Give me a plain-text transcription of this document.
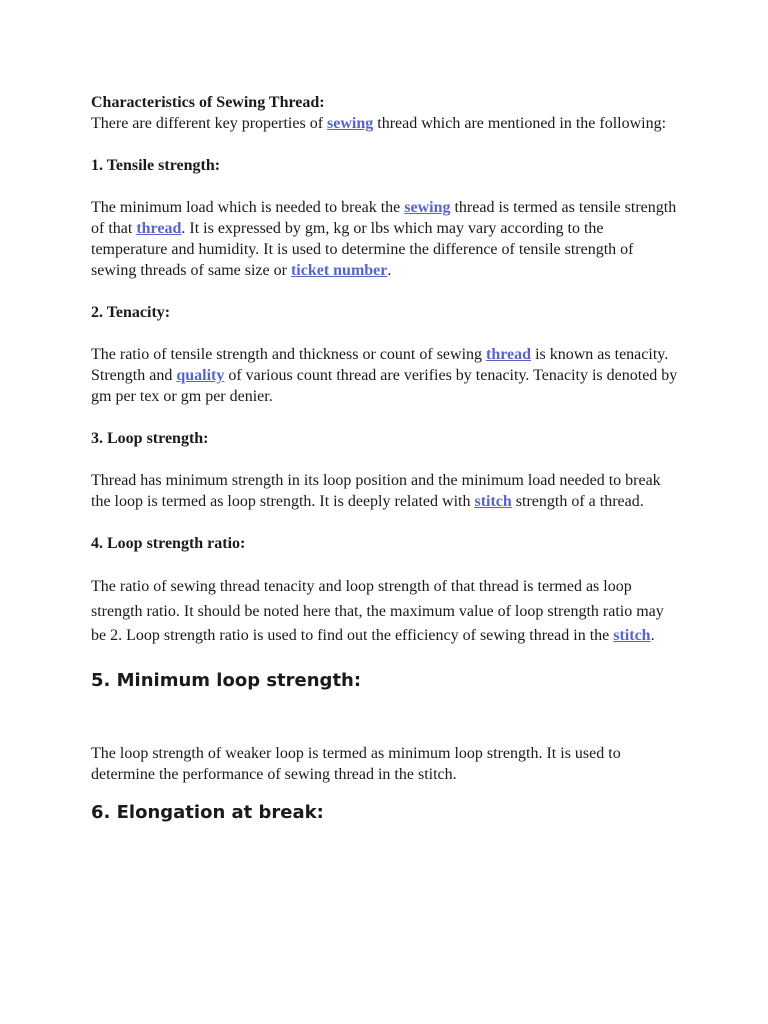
Characteristics of Sewing Thread:

There are different key properties of sewing thread which are mentioned in the following:

1. Tensile strength:

The minimum load which is needed to break the sewing thread is termed as tensile strength of that thread. It is expressed by gm, kg or lbs which may vary according to the temperature and humidity. It is used to determine the difference of tensile strength of sewing threads of same size or ticket number.

2. Tenacity:

The ratio of tensile strength and thickness or count of sewing thread is known as tenacity. Strength and quality of various count thread are verifies by tenacity. Tenacity is denoted by gm per tex or gm per denier.

3. Loop strength:

Thread has minimum strength in its loop position and the minimum load needed to break the loop is termed as loop strength. It is deeply related with stitch strength of a thread.

4. Loop strength ratio:

The ratio of sewing thread tenacity and loop strength of that thread is termed as loop strength ratio. It should be noted here that, the maximum value of loop strength ratio may be 2. Loop strength ratio is used to find out the efficiency of sewing thread in the stitch.

5. Minimum loop strength:

The loop strength of weaker loop is termed as minimum loop strength. It is used to determine the performance of sewing thread in the stitch.

6. Elongation at break:
